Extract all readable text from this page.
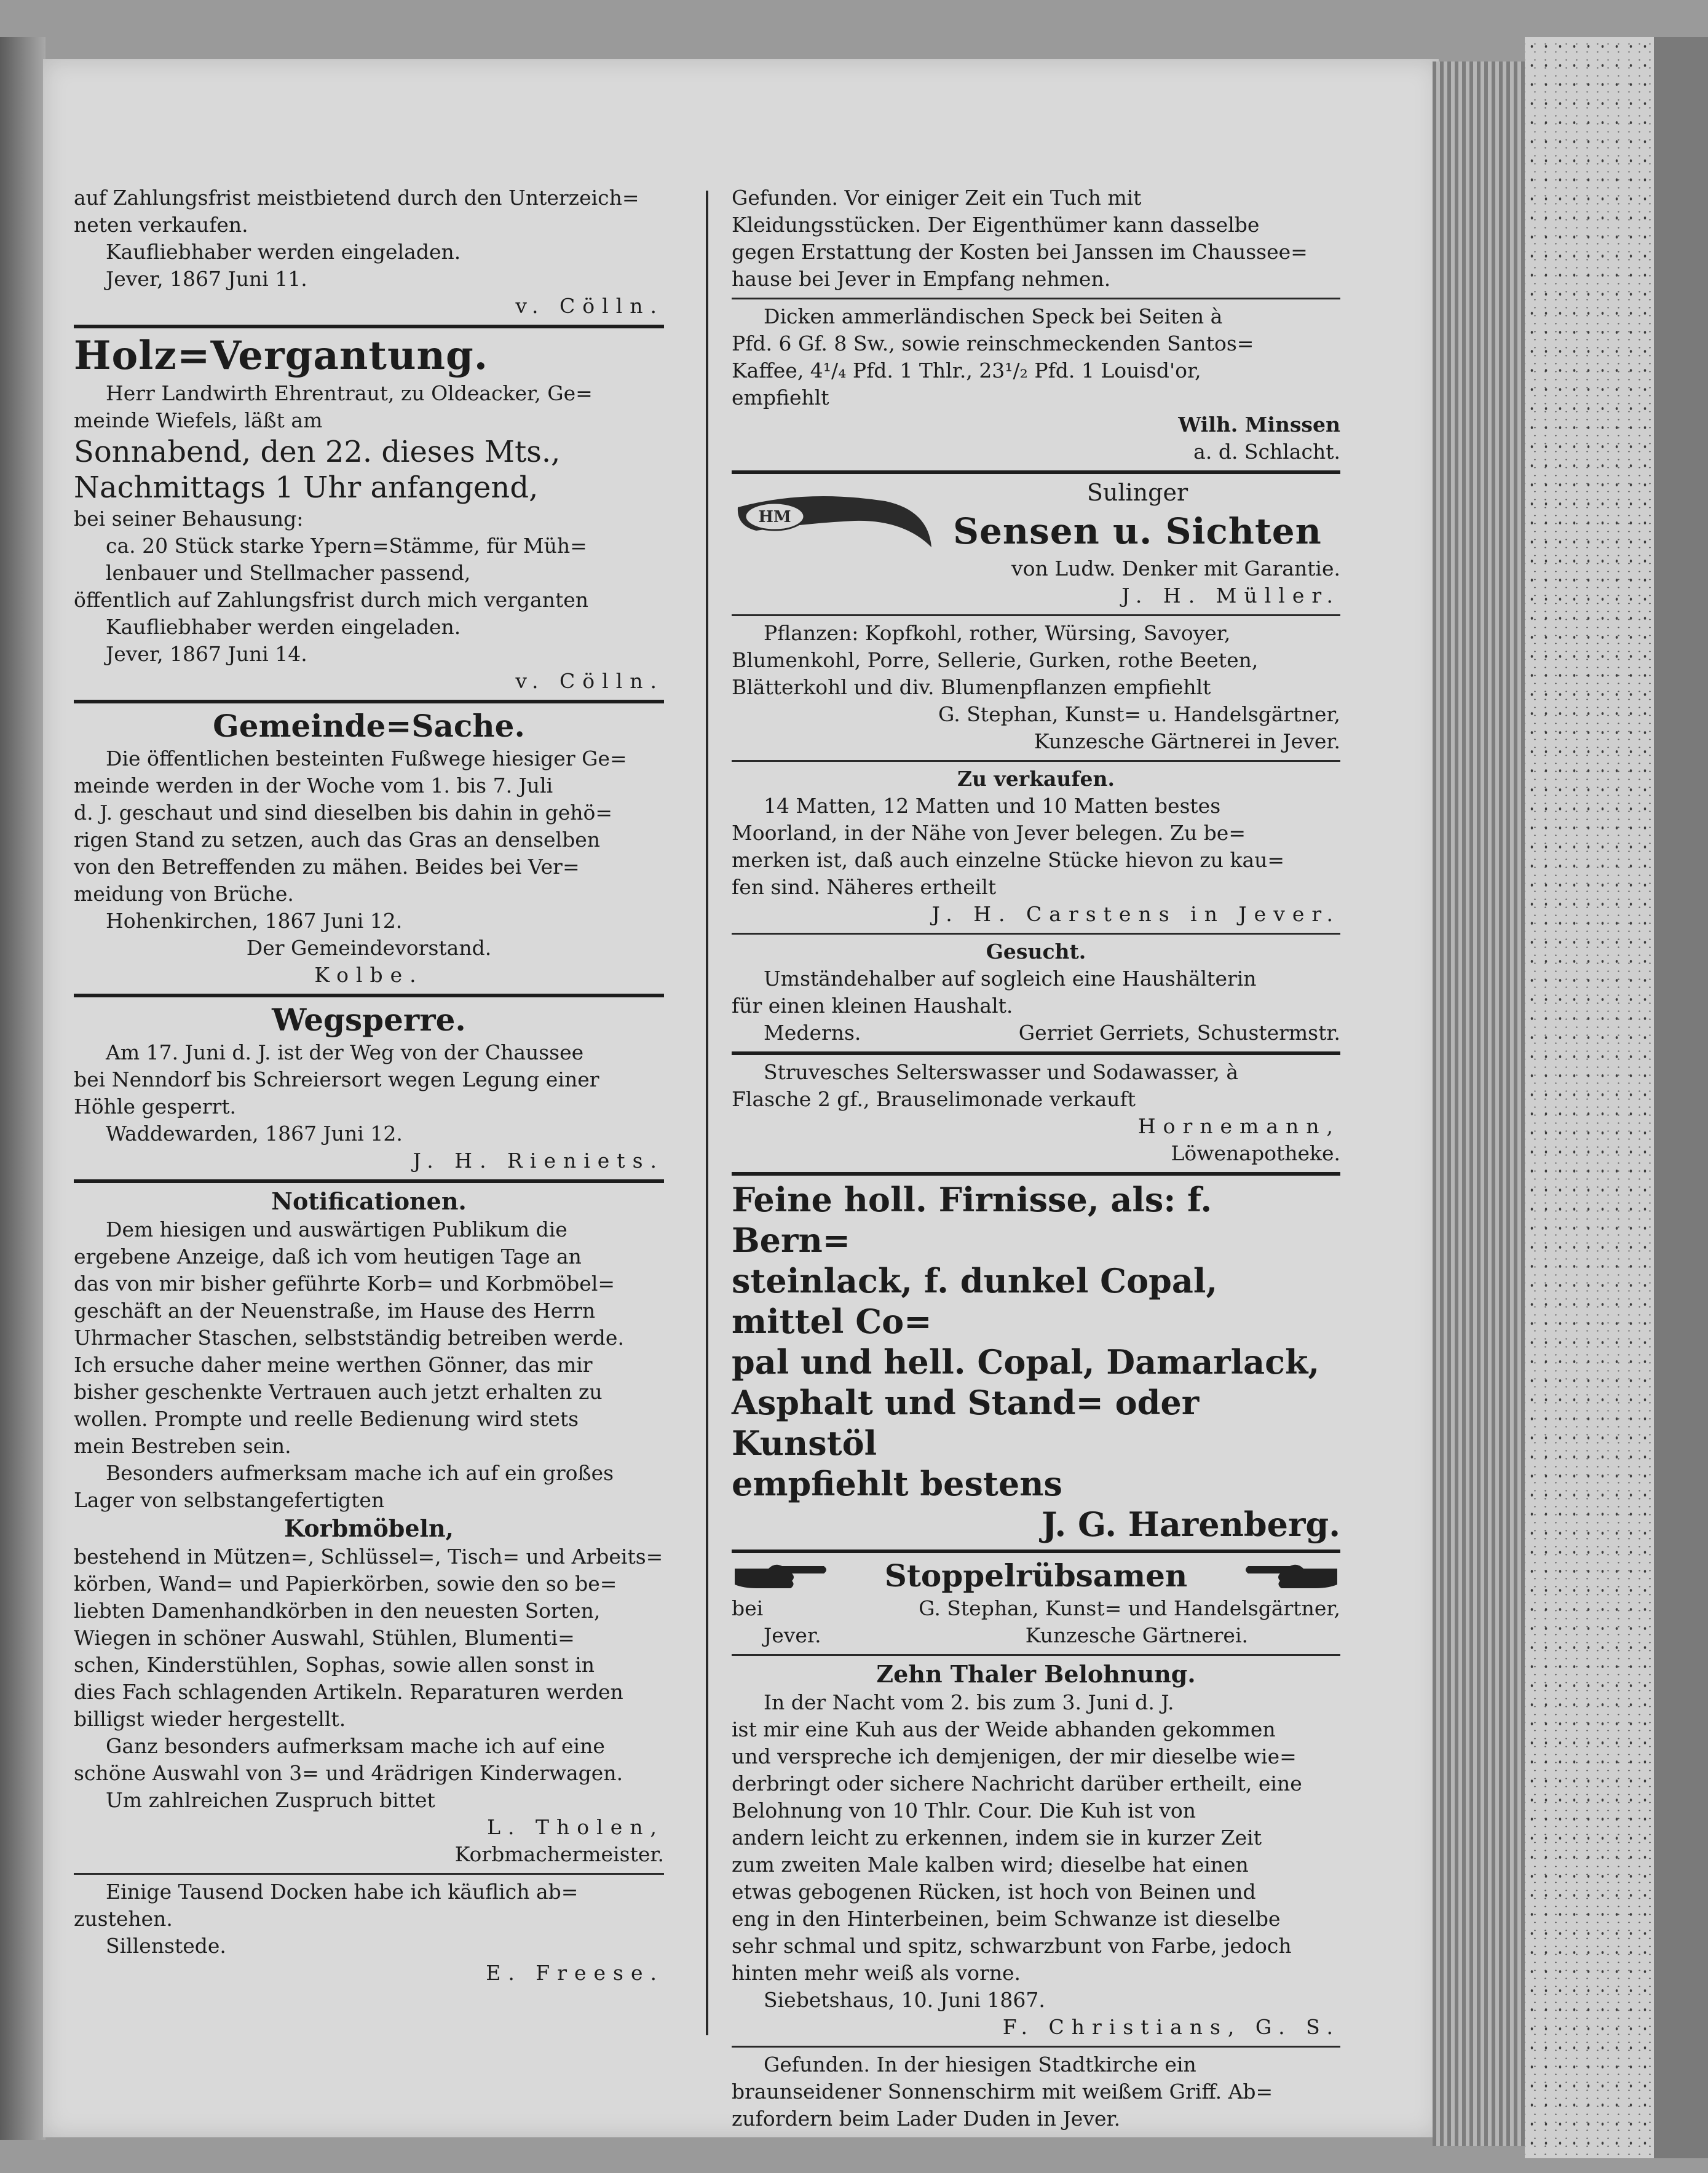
auf Zahlungsfrist meistbietend durch den Unterzeich=

neten verkaufen.

Kaufliebhaber werden eingeladen.

Jever, 1867 Juni 11.

v. Cölln.

Holz=Vergantung.

Herr Landwirth Ehrentraut, zu Oldeacker, Ge=

meinde Wiefels, läßt am

Sonnabend, den 22. dieses Mts.,

Nachmittags 1 Uhr anfangend,

bei seiner Behausung:

ca. 20 Stück starke Ypern=Stämme, für Müh=

lenbauer und Stellmacher passend,

öffentlich auf Zahlungsfrist durch mich verganten

Kaufliebhaber werden eingeladen.

Jever, 1867 Juni 14.

v. Cölln.

Gemeinde=Sache.

Die öffentlichen besteinten Fußwege hiesiger Ge=

meinde werden in der Woche vom 1. bis 7. Juli

d. J. geschaut und sind dieselben bis dahin in gehö=

rigen Stand zu setzen, auch das Gras an denselben

von den Betreffenden zu mähen. Beides bei Ver=

meidung von Brüche.

Hohenkirchen, 1867 Juni 12.

Der Gemeindevorstand.

Kolbe.

Wegsperre.

Am 17. Juni d. J. ist der Weg von der Chaussee

bei Nenndorf bis Schreiersort wegen Legung einer

Höhle gesperrt.

Waddewarden, 1867 Juni 12.

J. H. Rieniets.

Notificationen.

Dem hiesigen und auswärtigen Publikum die

ergebene Anzeige, daß ich vom heutigen Tage an

das von mir bisher geführte Korb= und Korbmöbel=

geschäft an der Neuenstraße, im Hause des Herrn

Uhrmacher Staschen, selbstständig betreiben werde.

Ich ersuche daher meine werthen Gönner, das mir

bisher geschenkte Vertrauen auch jetzt erhalten zu

wollen. Prompte und reelle Bedienung wird stets

mein Bestreben sein.

Besonders aufmerksam mache ich auf ein großes

Lager von selbstangefertigten

Korbmöbeln,

bestehend in Mützen=, Schlüssel=, Tisch= und Arbeits=

körben, Wand= und Papierkörben, sowie den so be=

liebten Damenhandkörben in den neuesten Sorten,

Wiegen in schöner Auswahl, Stühlen, Blumenti=

schen, Kinderstühlen, Sophas, sowie allen sonst in

dies Fach schlagenden Artikeln. Reparaturen werden

billigst wieder hergestellt.

Ganz besonders aufmerksam mache ich auf eine

schöne Auswahl von 3= und 4rädrigen Kinderwagen.

Um zahlreichen Zuspruch bittet

L. Tholen,

Korbmachermeister.

Einige Tausend Docken habe ich käuflich ab=

zustehen.

Sillenstede.

E. Freese.

Gefunden. Vor einiger Zeit ein Tuch mit

Kleidungsstücken. Der Eigenthümer kann dasselbe

gegen Erstattung der Kosten bei Janssen im Chaussee=

hause bei Jever in Empfang nehmen.

Dicken ammerländischen Speck bei Seiten à

Pfd. 6 Gf. 8 Sw., sowie reinschmeckenden Santos=

Kaffee, 4¹/₄ Pfd. 1 Thlr., 23¹/₂ Pfd. 1 Louisd'or,

empfiehlt

Wilh. Minssen

a. d. Schlacht.

HM

Sulinger

Sensen u. Sichten

von Ludw. Denker mit Garantie.

J. H. Müller.

Pflanzen: Kopfkohl, rother, Würsing, Savoyer,

Blumenkohl, Porre, Sellerie, Gurken, rothe Beeten,

Blätterkohl und div. Blumenpflanzen empfiehlt

G. Stephan, Kunst= u. Handelsgärtner,

Kunzesche Gärtnerei in Jever.

Zu verkaufen.

14 Matten, 12 Matten und 10 Matten bestes

Moorland, in der Nähe von Jever belegen. Zu be=

merken ist, daß auch einzelne Stücke hievon zu kau=

fen sind. Näheres ertheilt

J. H. Carstens in Jever.

Gesucht.

Umständehalber auf sogleich eine Haushälterin

für einen kleinen Haushalt.

Mederns.	Gerriet Gerriets, Schustermstr.

Struvesches Selterswasser und Sodawasser, à

Flasche 2 gf., Brauselimonade verkauft

Hornemann,

Löwenapotheke.

Feine holl. Firnisse, als: f. Bern=

steinlack, f. dunkel Copal, mittel Co=

pal und hell. Copal, Damarlack,

Asphalt und Stand= oder Kunstöl

empfiehlt bestens

J. G. Harenberg.

Stoppelrübsamen

bei	G. Stephan, Kunst= und Handelsgärtner,

Jever.	Kunzesche Gärtnerei.

Zehn Thaler Belohnung.

In der Nacht vom 2. bis zum 3. Juni d. J.

ist mir eine Kuh aus der Weide abhanden gekommen

und verspreche ich demjenigen, der mir dieselbe wie=

derbringt oder sichere Nachricht darüber ertheilt, eine

Belohnung von 10 Thlr. Cour. Die Kuh ist von

andern leicht zu erkennen, indem sie in kurzer Zeit

zum zweiten Male kalben wird; dieselbe hat einen

etwas gebogenen Rücken, ist hoch von Beinen und

eng in den Hinterbeinen, beim Schwanze ist dieselbe

sehr schmal und spitz, schwarzbunt von Farbe, jedoch

hinten mehr weiß als vorne.

Siebetshaus, 10. Juni 1867.

F. Christians, G. S.

Gefunden. In der hiesigen Stadtkirche ein

braunseidener Sonnenschirm mit weißem Griff. Ab=

zufordern beim Lader Duden in Jever.
